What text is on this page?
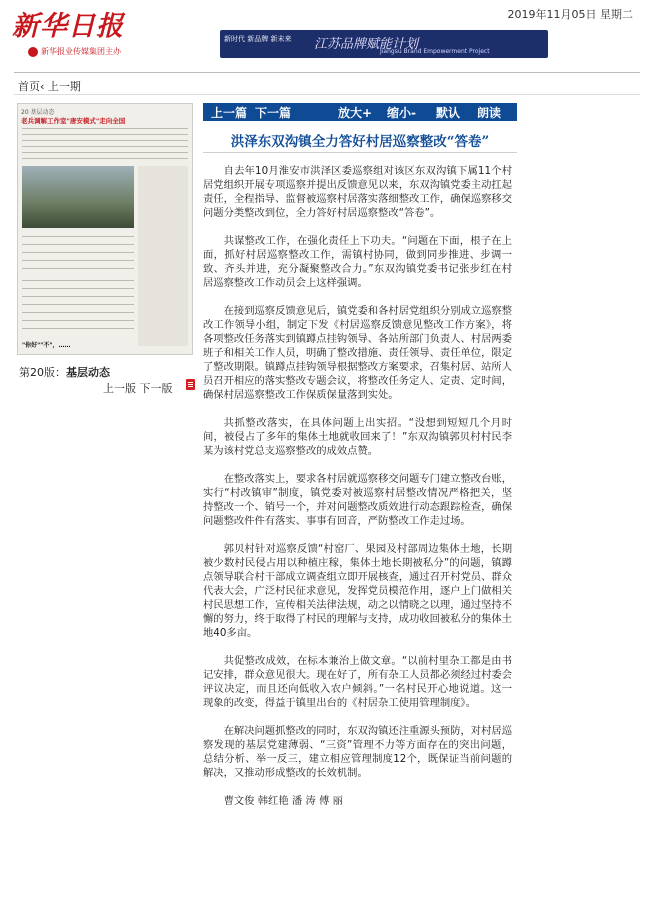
新华日报
新华报业传媒集团主办
2019年11月05日 星期二
新时代 新品牌 新未来 江苏品牌赋能计划
Jiangsu Brand Empowerment Project
首页‹ 上一期
20 基层动态
老兵调解工作室"唐安模式"走向全国
"你好""不"，……
第20版：基层动态
上一版 下一版
上一篇 下一篇	放大+ 缩小- 默认 朗读
洪泽东双沟镇全力答好村居巡察整改“答卷”

自去年10月淮安市洪泽区委巡察组对该区东双沟镇下属11个村居党组织开展专项巡察并提出反馈意见以来，东双沟镇党委主动扛起责任，全程指导、监督被巡察村居落实落细整改工作，确保巡察移交问题分类整改到位，全力答好村居巡察整改“答卷”。

共谋整改工作，在强化责任上下功夫。“问题在下面，根子在上面，抓好村居巡察整改工作，需镇村协同，做到同步推进、步调一致、齐头并进，充分凝聚整改合力。”东双沟镇党委书记张步红在村居巡察整改工作动员会上这样强调。

在接到巡察反馈意见后，镇党委和各村居党组织分别成立巡察整改工作领导小组，制定下发《村居巡察反馈意见整改工作方案》，将各项整改任务落实到镇蹲点挂钩领导、各站所部门负责人、村居两委班子和相关工作人员，明确了整改措施、责任领导、责任单位，限定了整改期限。镇蹲点挂钩领导根据整改方案要求，召集村居、站所人员召开相应的落实整改专题会议，将整改任务定人、定责、定时间，确保村居巡察整改工作保质保量落到实处。

共抓整改落实，在具体问题上出实招。“没想到短短几个月时间，被侵占了多年的集体土地就收回来了！”东双沟镇郭贝村村民李某为该村党总支巡察整改的成效点赞。

在整改落实上，要求各村居就巡察移交问题专门建立整改台账，实行“村改镇审”制度，镇党委对被巡察村居整改情况严格把关，坚持整改一个、销号一个，并对问题整改质效进行动态跟踪检查，确保问题整改件件有落实、事事有回音，严防整改工作走过场。

郭贝村针对巡察反馈“村窑厂、果园及村部周边集体土地，长期被少数村民侵占用以种植庄稼，集体土地长期被私分”的问题，镇蹲点领导联合村干部成立调查组立即开展核查，通过召开村党员、群众代表大会，广泛村民征求意见，发挥党员模范作用，逐户上门做相关村民思想工作，宣传相关法律法规，动之以情晓之以理，通过坚持不懈的努力，终于取得了村民的理解与支持，成功收回被私分的集体土地40多亩。

共促整改成效，在标本兼治上做文章。“以前村里杂工都是由书记安排，群众意见很大。现在好了，所有杂工人员都必须经过村委会评议决定，而且还向低收入农户倾斜。”一名村民开心地说道。这一现象的改变，得益于镇里出台的《村居杂工使用管理制度》。

在解决问题抓整改的同时，东双沟镇还注重源头预防，对村居巡察发现的基层党建薄弱、“三资”管理不力等方面存在的突出问题，总结分析、举一反三，建立相应管理制度12个，既保证当前问题的解决，又推动形成整改的长效机制。

曹文俊 韩红艳 潘 涛 傅 丽
